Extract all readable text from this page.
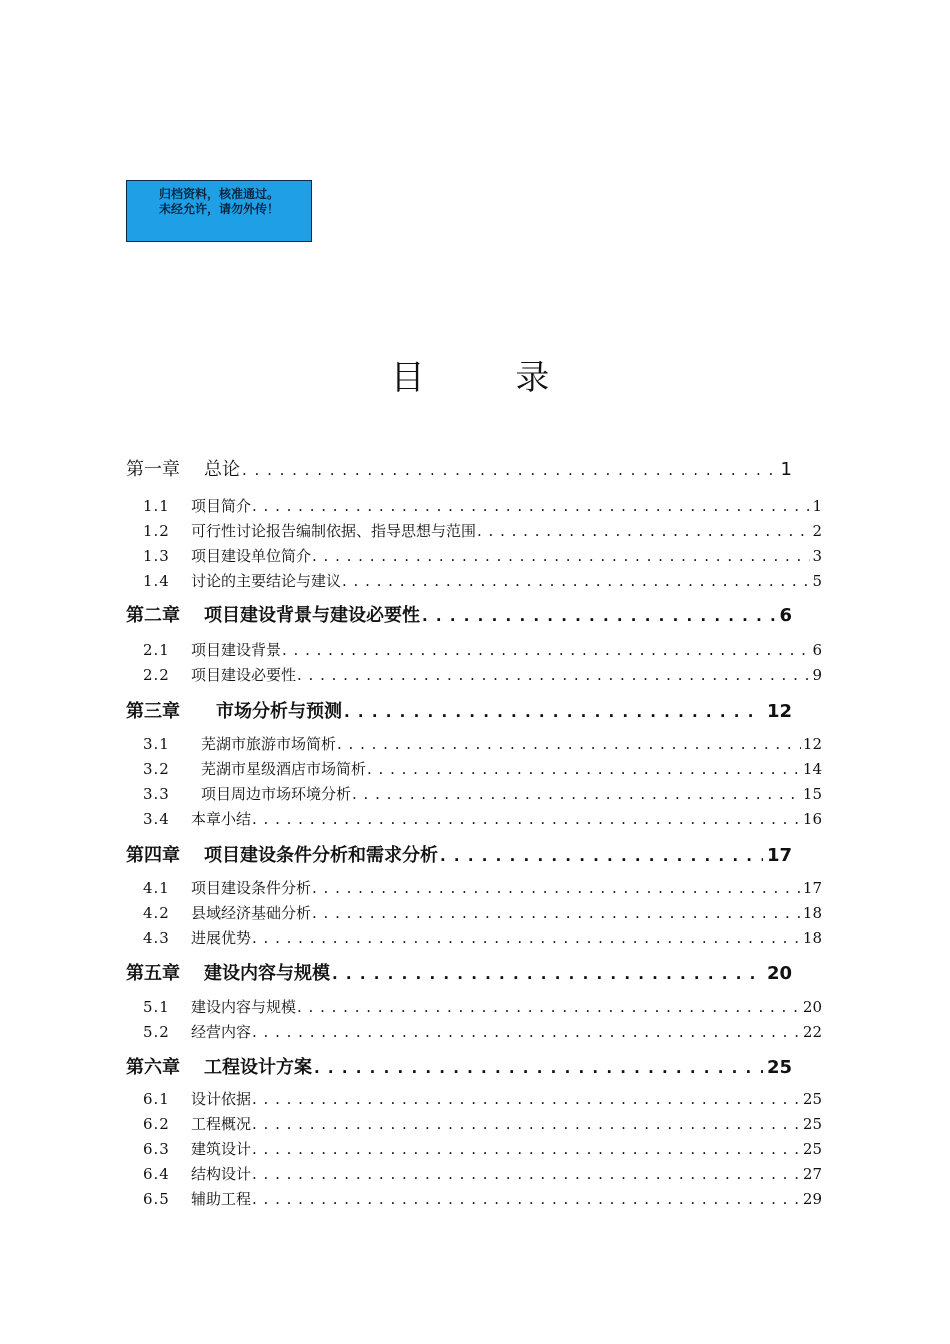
归档资料，核准通过。
未经允许，请勿外传！
目 录
第一章 总论 . . .	1
1.1	项目简介 . . .	1
1.2	可行性讨论报告编制依据、指导思想与范围 . . .	2
1.3	项目建设单位简介 . . .	3
1.4	讨论的主要结论与建议 . . .	5
第二章 项目建设背景与建设必要性 . . .	6
2.1	项目建设背景 . . .	6
2.2	项目建设必要性 . . .	9
第三章 市场分析与预测 . . .	12
3.1	芜湖市旅游市场简析 . . .	12
3.2	芜湖市星级酒店市场简析 . . .	14
3.3	项目周边市场环境分析 . . .	15
3.4	本章小结 . . .	16
第四章 项目建设条件分析和需求分析 . . .	17
4.1	项目建设条件分析 . . .	17
4.2	县域经济基础分析 . . .	18
4.3	进展优势 . . .	18
第五章 建设内容与规模 . . .	20
5.1	建设内容与规模 . . .	20
5.2	经营内容 . . .	22
第六章 工程设计方案 . . .	25
6.1	设计依据 . . .	25
6.2	工程概况 . . .	25
6.3	建筑设计 . . .	25
6.4	结构设计 . . .	27
6.5	辅助工程 . . .	29
